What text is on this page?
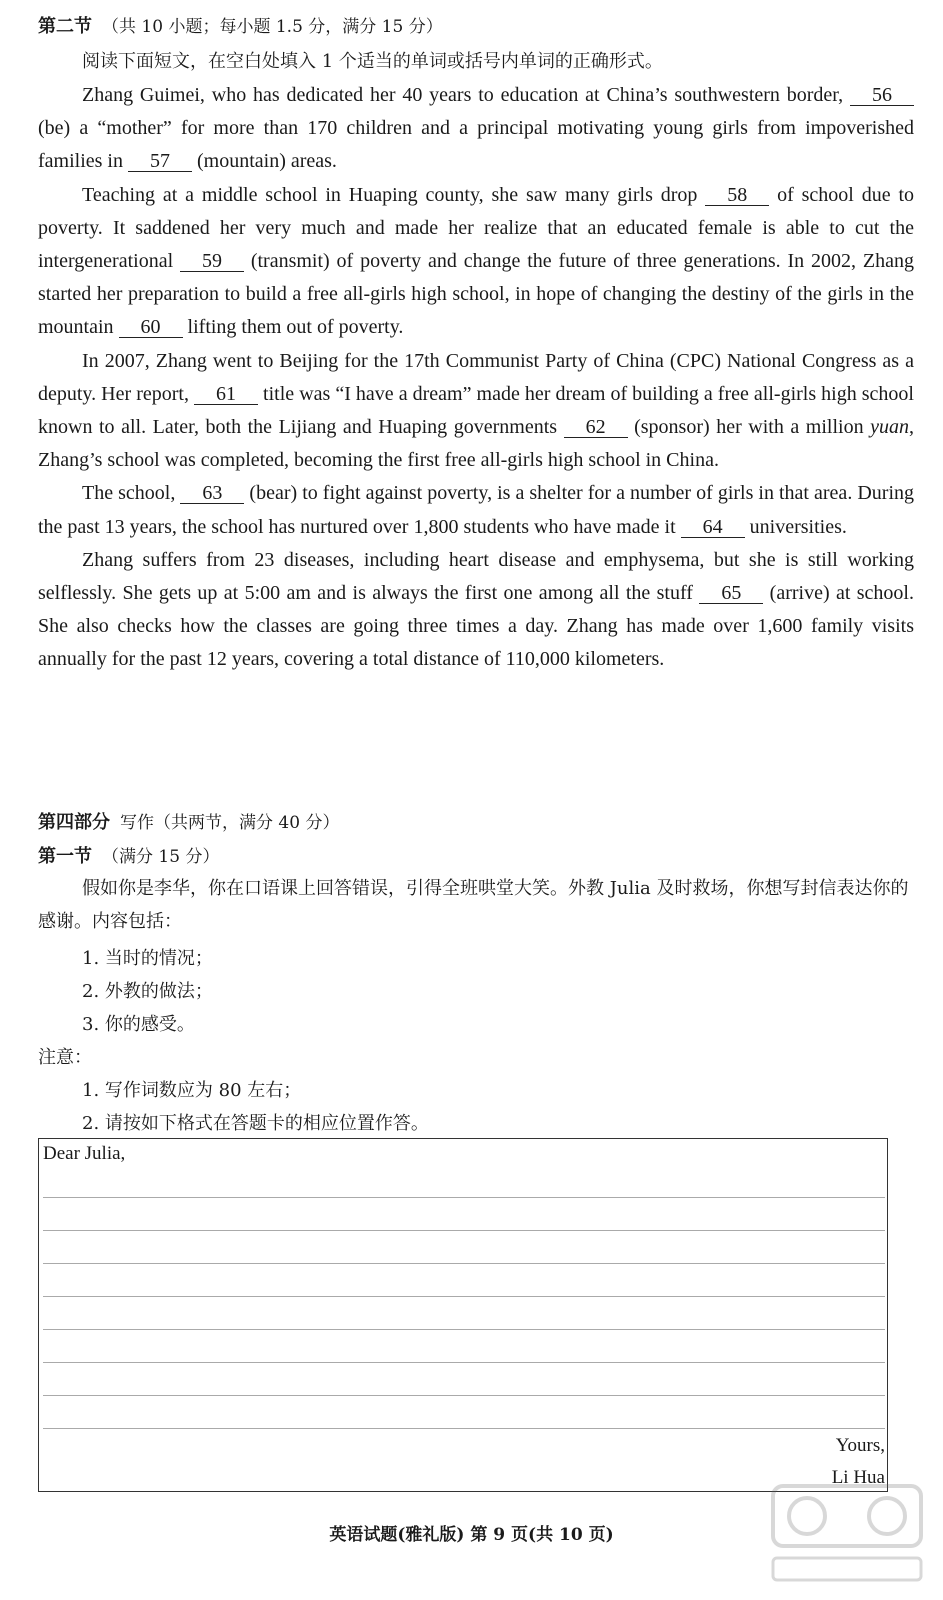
第二节 （共 10 小题；每小题 1.5 分，满分 15 分）
阅读下面短文，在空白处填入 1 个适当的单词或括号内单词的正确形式。

Zhang Guimei, who has dedicated her 40 years to education at China’s southwestern border, 56 (be) a “mother” for more than 170 children and a principal motivating young girls from impoverished families in 57 (mountain) areas.

Teaching at a middle school in Huaping county, she saw many girls drop 58 of school due to poverty. It saddened her very much and made her realize that an educated female is able to cut the intergenerational 59 (transmit) of poverty and change the future of three generations. In 2002, Zhang started her preparation to build a free all-girls high school, in hope of changing the destiny of the girls in the mountain 60 lifting them out of poverty.

In 2007, Zhang went to Beijing for the 17th Communist Party of China (CPC) National Congress as a deputy. Her report, 61 title was “I have a dream” made her dream of building a free all-girls high school known to all. Later, both the Lijiang and Huaping governments 62 (sponsor) her with a million yuan, Zhang’s school was completed, becoming the first free all-girls high school in China.

The school, 63 (bear) to fight against poverty, is a shelter for a number of girls in that area. During the past 13 years, the school has nurtured over 1,800 students who have made it 64 universities.

Zhang suffers from 23 diseases, including heart disease and emphysema, but she is still working selflessly. She gets up at 5:00 am and is always the first one among all the stuff 65 (arrive) at school. She also checks how the classes are going three times a day. Zhang has made over 1,600 family visits annually for the past 12 years, covering a total distance of 110,000 kilometers.

第四部分 写作（共两节，满分 40 分）
第一节 （满分 15 分）
假如你是李华，你在口语课上回答错误，引得全班哄堂大笑。外教 Julia 及时救场，你想写封信表达你的感谢。内容包括：
1. 当时的情况；
2. 外教的做法；
3. 你的感受。
注意：
1. 写作词数应为 80 左右；
2. 请按如下格式在答题卡的相应位置作答。
Dear Julia,
Yours,
Li Hua
英语试题(雅礼版) 第 9 页(共 10 页)
